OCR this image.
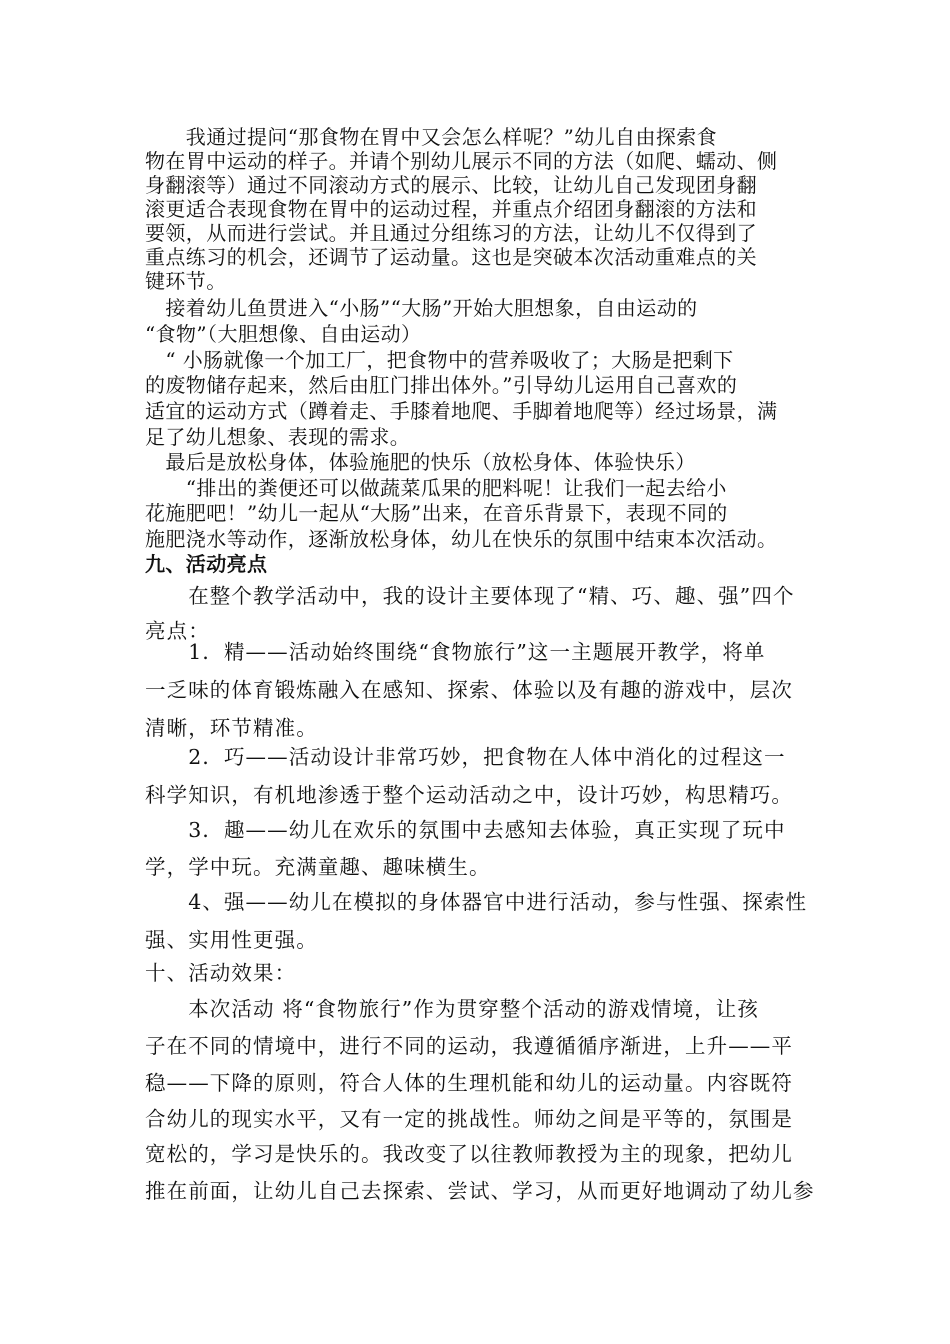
　　我通过提问“那食物在胃中又会怎么样呢？”幼儿自由探索食

物在胃中运动的样子。并请个别幼儿展示不同的方法（如爬、蠕动、侧

身翻滚等）通过不同滚动方式的展示、比较，让幼儿自己发现团身翻

滚更适合表现食物在胃中的运动过程，并重点介绍团身翻滚的方法和

要领，从而进行尝试。并且通过分组练习的方法，让幼儿不仅得到了

重点练习的机会，还调节了运动量。这也是突破本次活动重难点的关

键环节。

　接着幼儿鱼贯进入“小肠”“大肠”开始大胆想象，自由运动的

“食物”（大胆想像、自由运动）

　“ 小肠就像一个加工厂，把食物中的营养吸收了；大肠是把剩下

的废物储存起来，然后由肛门排出体外。”引导幼儿运用自己喜欢的

适宜的运动方式（蹲着走、手膝着地爬、手脚着地爬等）经过场景，满

足了幼儿想象、表现的需求。

　最后是放松身体，体验施肥的快乐（放松身体、体验快乐）

　　“排出的粪便还可以做蔬菜瓜果的肥料呢！让我们一起去给小

花施肥吧！”幼儿一起从“大肠”出来，在音乐背景下，表现不同的

施肥浇水等动作，逐渐放松身体，幼儿在快乐的氛围中结束本次活动。

九、活动亮点

　　在整个教学活动中，我的设计主要体现了“精、巧、趣、强”四个

亮点：

　　1．精——活动始终围绕“食物旅行”这一主题展开教学，将单

一乏味的体育锻炼融入在感知、探索、体验以及有趣的游戏中，层次

清晰，环节精准。

　　2．巧——活动设计非常巧妙，把食物在人体中消化的过程这一

科学知识，有机地渗透于整个运动活动之中，设计巧妙，构思精巧。

　　3．趣——幼儿在欢乐的氛围中去感知去体验，真正实现了玩中

学，学中玩。充满童趣、趣味横生。

　　4、强——幼儿在模拟的身体器官中进行活动，参与性强、探索性

强、实用性更强。

十、活动效果：

　　本次活动 将“食物旅行”作为贯穿整个活动的游戏情境，让孩

子在不同的情境中，进行不同的运动，我遵循循序渐进，上升——平

稳——下降的原则，符合人体的生理机能和幼儿的运动量。内容既符

合幼儿的现实水平，又有一定的挑战性。师幼之间是平等的，氛围是

宽松的，学习是快乐的。我改变了以往教师教授为主的现象，把幼儿

推在前面，让幼儿自己去探索、尝试、学习，从而更好地调动了幼儿参
